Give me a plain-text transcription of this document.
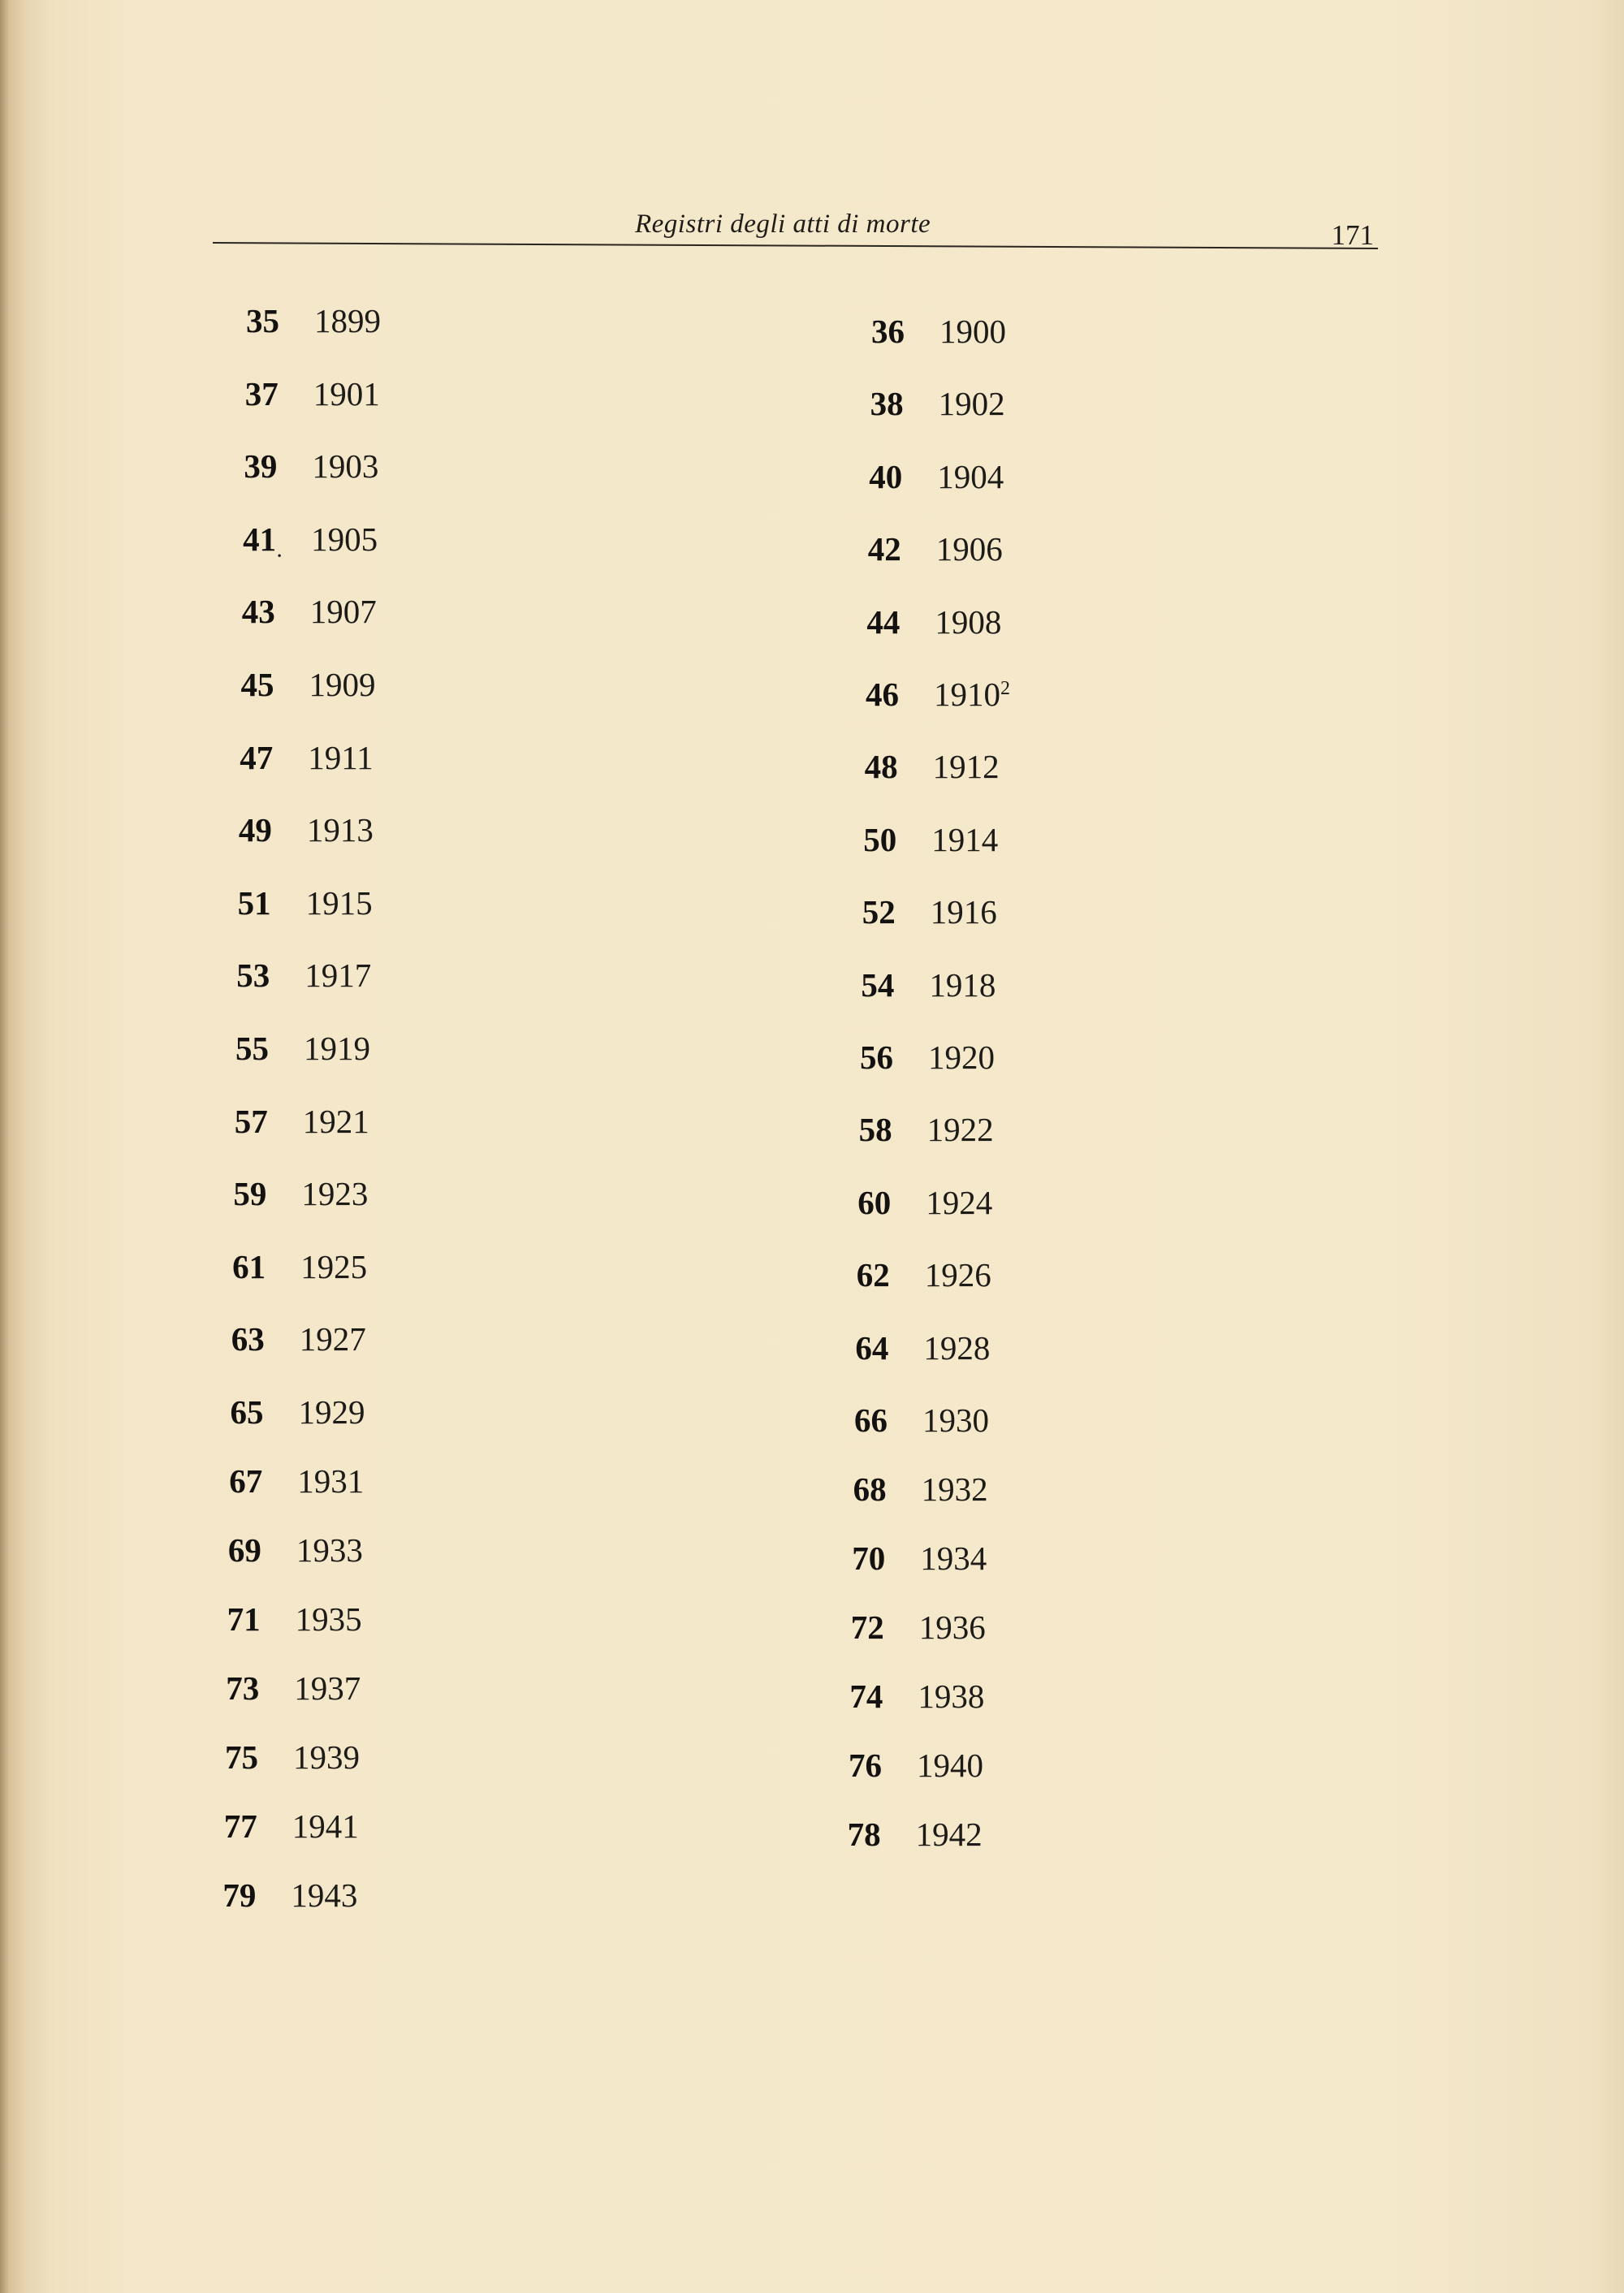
Registri degli atti di morte	171
35 1899
37 1901
39 1903
41 · 1905
43 1907
45 1909
47 1911
49 1913
51 1915
53 1917
55 1919
57 1921
59 1923
61 1925
63 1927
65 1929
67 1931
69 1933
71 1935
73 1937
75 1939
77 1941
79 1943
36 1900
38 1902
40 1904
42 1906
44 1908
46 1910$^2$
48 1912
50 1914
52 1916
54 1918
56 1920
58 1922
60 1924
62 1926
64 1928
66 1930
68 1932
70 1934
72 1936
74 1938
76 1940
78 1942
